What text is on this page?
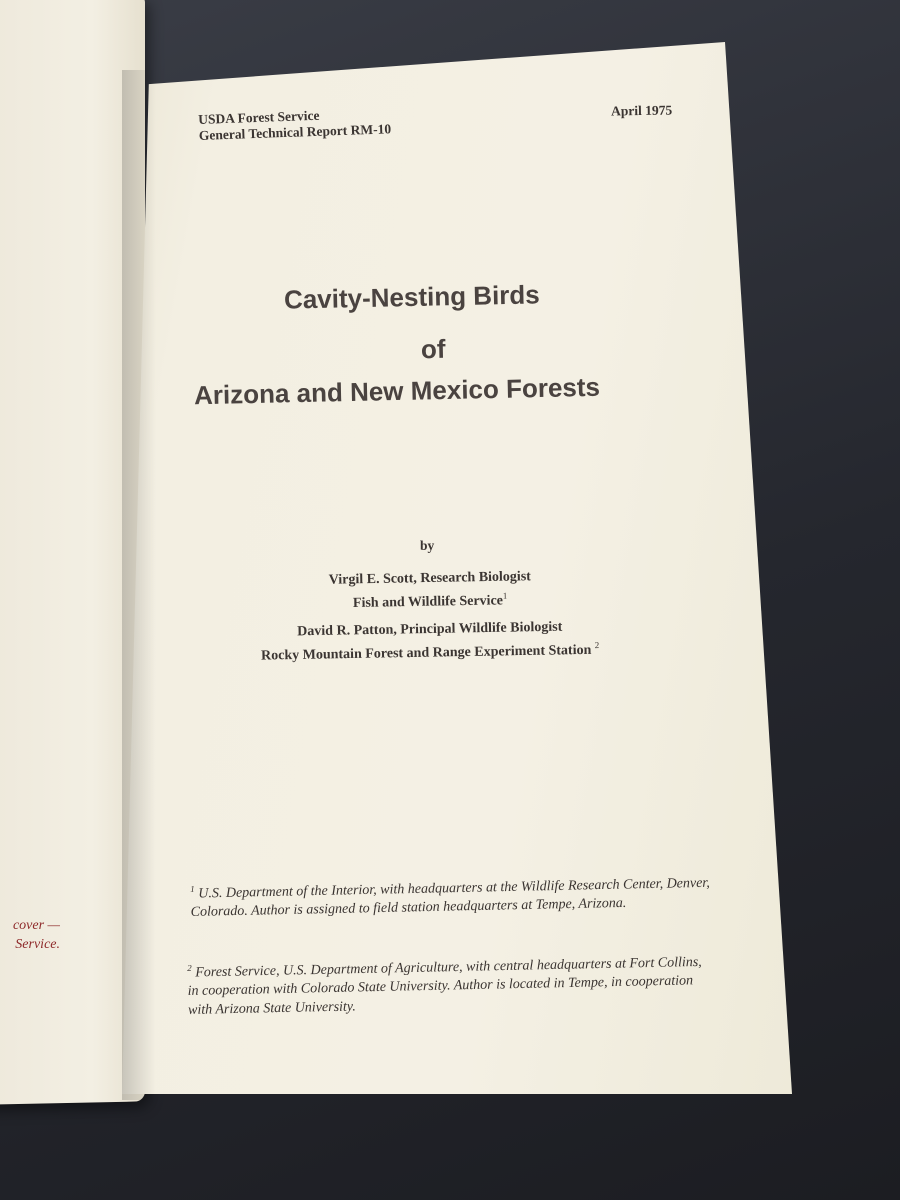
cover —
Service.
USDA Forest Service
General Technical Report RM-10
April 1975
Cavity-Nesting Birds
of
Arizona and New Mexico Forests
by
Virgil E. Scott, Research Biologist
Fish and Wildlife Service$^1$
David R. Patton, Principal Wildlife Biologist
Rocky Mountain Forest and Range Experiment Station $^2$
$^1$ U.S. Department of the Interior, with headquarters at the Wildlife Research Center, Denver, Colorado. Author is assigned to field station headquarters at Tempe, Arizona.
$^2$ Forest Service, U.S. Department of Agriculture, with central headquarters at Fort Collins, in cooperation with Colorado State University. Author is located in Tempe, in cooperation with Arizona State University.
